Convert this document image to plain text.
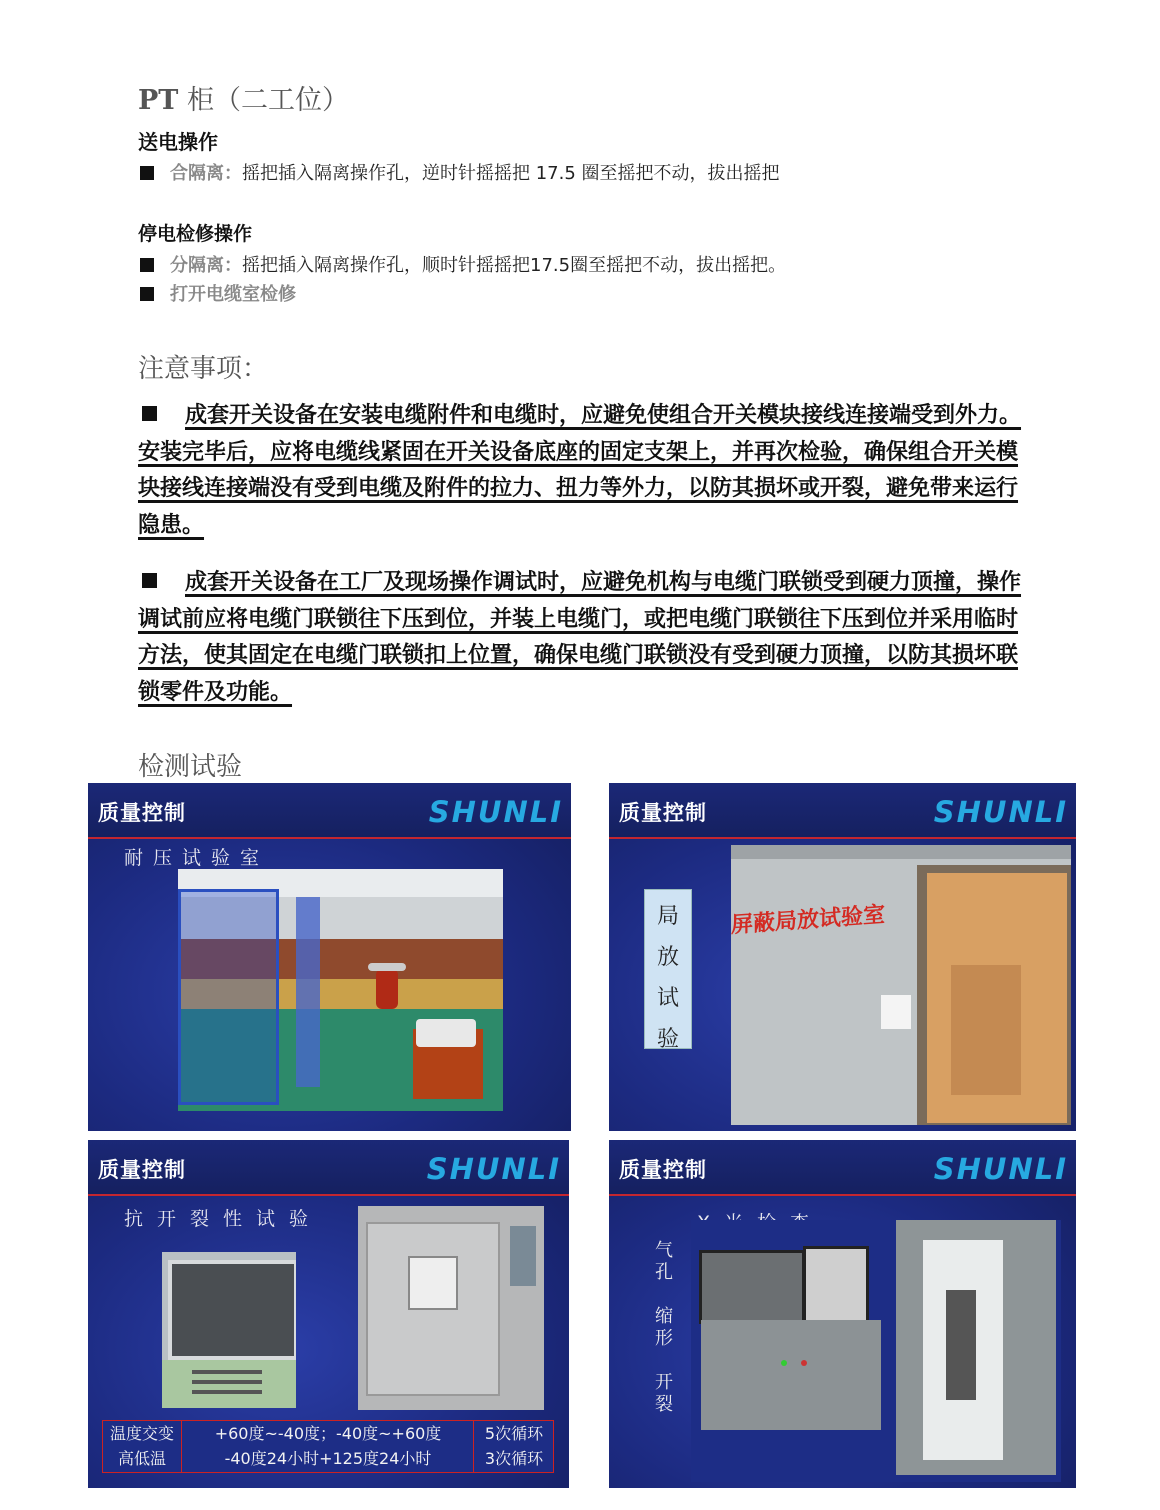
PT 柜（二工位）
送电操作
合隔离：摇把插入隔离操作孔，逆时针摇摇把 17.5 圈至摇把不动，拔出摇把
停电检修操作
分隔离：摇把插入隔离操作孔，顺时针摇摇把17.5圈至摇把不动，拔出摇把。
打开电缆室检修
注意事项：
成套开关设备在安装电缆附件和电缆时，应避免使组合开关模块接线连接端受到外力。安装完毕后，应将电缆线紧固在开关设备底座的固定支架上，并再次检验，确保组合开关模块接线连接端没有受到电缆及附件的拉力、扭力等外力，以防其损坏或开裂，避免带来运行隐患。
成套开关设备在工厂及现场操作调试时，应避免机构与电缆门联锁受到硬力顶撞，操作调试前应将电缆门联锁往下压到位，并装上电缆门，或把电缆门联锁往下压到位并采用临时方法，使其固定在电缆门联锁扣上位置，确保电缆门联锁没有受到硬力顶撞，以防其损坏联锁零件及功能。
检测试验
质量控制	SHUNLI
耐压试验室
质量控制	SHUNLI
局
放
试
验
屏蔽局放试验室
质量控制	SHUNLI
抗开裂性试验
温度交变	+60度~-40度；-40度~+60度	5次循环
高低温	-40度24小时+125度24小时	3次循环
质量控制	SHUNLI
气
孔
缩
形
开
裂
